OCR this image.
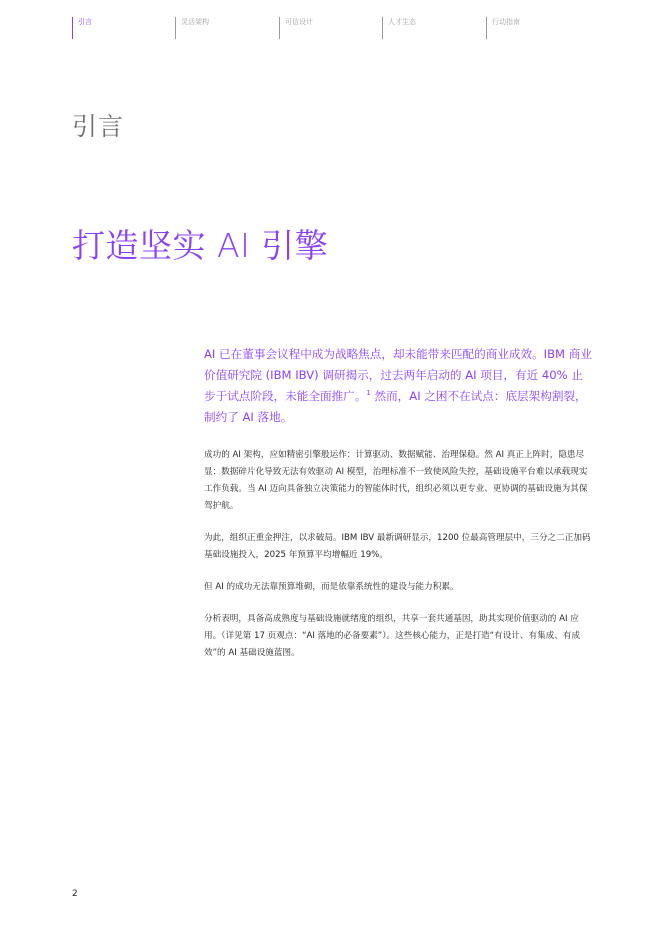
引言	灵活架构	可信设计	人才生态	行动指南
引言
打造坚实 AI 引擎

AI 已在董事会议程中成为战略焦点，却未能带来匹配的商业成效。IBM 商业价值研究院 (IBM IBV) 调研揭示，过去两年启动的 AI 项目，有近 40% 止步于试点阶段，未能全面推广。$^1$ 然而，AI 之困不在试点：底层架构割裂，制约了 AI 落地。

成功的 AI 架构，应如精密引擎般运作：计算驱动、数据赋能、治理保稳。然 AI 真正上阵时，隐患尽显：数据碎片化导致无法有效驱动 AI 模型，治理标准不一致使风险失控，基础设施平台难以承载现实工作负载。当 AI 迈向具备独立决策能力的智能体时代，组织必须以更专业、更协调的基础设施为其保驾护航。

为此，组织正重金押注，以求破局。IBM IBV 最新调研显示，1200 位最高管理层中，三分之二正加码基础设施投入，2025 年预算平均增幅近 19%。

但 AI 的成功无法靠预算堆砌，而是依靠系统性的建设与能力积累。

分析表明，具备高成熟度与基础设施就绪度的组织，共享一套共通基因，助其实现价值驱动的 AI 应用。（详见第 17 页观点：“AI 落地的必备要素”）。这些核心能力，正是打造“有设计、有集成、有成效”的 AI 基础设施蓝图。

2
